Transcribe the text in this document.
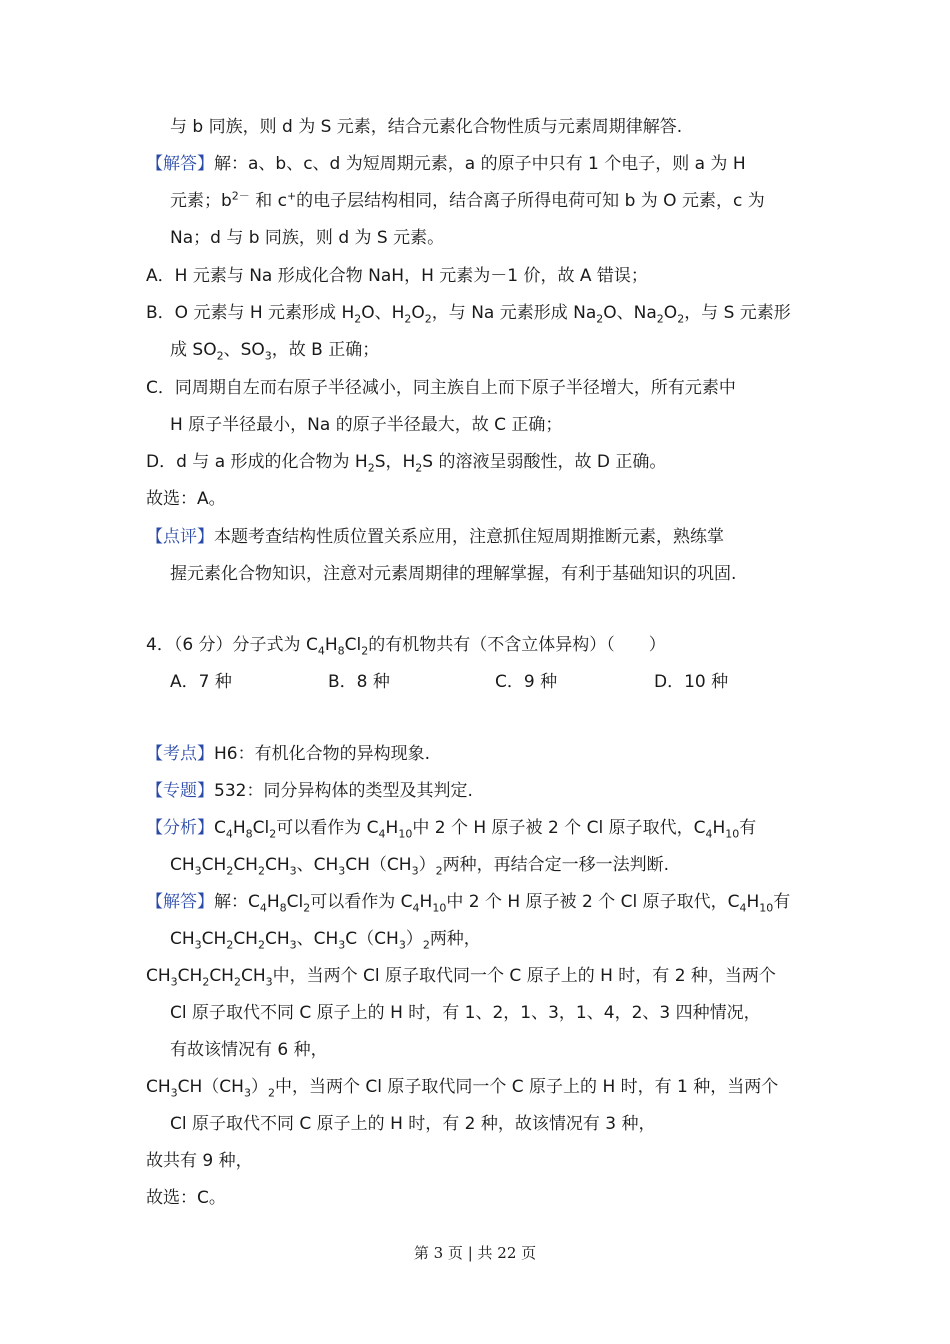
与 b 同族，则 d 为 S 元素，结合元素化合物性质与元素周期律解答.
【解答】解：a、b、c、d 为短周期元素，a 的原子中只有 1 个电子，则 a 为 H
元素；$b^{2-}$ 和 c+的电子层结构相同，结合离子所得电荷可知 b 为 O 元素，c 为
Na；d 与 b 同族，则 d 为 S 元素。
A．H 元素与 Na 形成化合物 NaH，H 元素为－1 价，故 A 错误；
B．O 元素与 H 元素形成 $H_2O$、$H_2O_2$，与 Na 元素形成 $Na_2O$、$Na_2O_2$，与 S 元素形
成 $SO_2$、$SO_3$，故 B 正确；
C．同周期自左而右原子半径减小，同主族自上而下原子半径增大，所有元素中
H 原子半径最小，Na 的原子半径最大，故 C 正确；
D．d 与 a 形成的化合物为 $H_2S$，$H_2S$ 的溶液呈弱酸性，故 D 正确。
故选：A。
【点评】本题考查结构性质位置关系应用，注意抓住短周期推断元素，熟练掌
握元素化合物知识，注意对元素周期律的理解掌握，有利于基础知识的巩固.
4．（6 分）分子式为 $C_4H_8Cl_2$的有机物共有（不含立体异构）（　　）
A．7 种	B．8 种	C．9 种	D．10 种
【考点】H6：有机化合物的异构现象.
【专题】532：同分异构体的类型及其判定.
【分析】$C_4H_8Cl_2$可以看作为 $C_4H_{10}$中 2 个 H 原子被 2 个 Cl 原子取代，$C_4H_{10}$有
$CH_3CH_2CH_2CH_3$、$CH_3CH(CH_3)_2$两种，再结合定一移一法判断.
【解答】解：$C_4H_8Cl_2$可以看作为 $C_4H_{10}$中 2 个 H 原子被 2 个 Cl 原子取代，$C_4H_{10}$有
$CH_3CH_2CH_2CH_3$、$CH_3C(CH_3)_2$两种，
$CH_3CH_2CH_2CH_3$中，当两个 Cl 原子取代同一个 C 原子上的 H 时，有 2 种，当两个
Cl 原子取代不同 C 原子上的 H 时，有 1、2，1、3，1、4，2、3 四种情况，
有故该情况有 6 种，
$CH_3CH(CH_3)_2$中，当两个 Cl 原子取代同一个 C 原子上的 H 时，有 1 种，当两个
Cl 原子取代不同 C 原子上的 H 时，有 2 种，故该情况有 3 种，
故共有 9 种，
故选：C。
第 3 页 | 共 22 页
